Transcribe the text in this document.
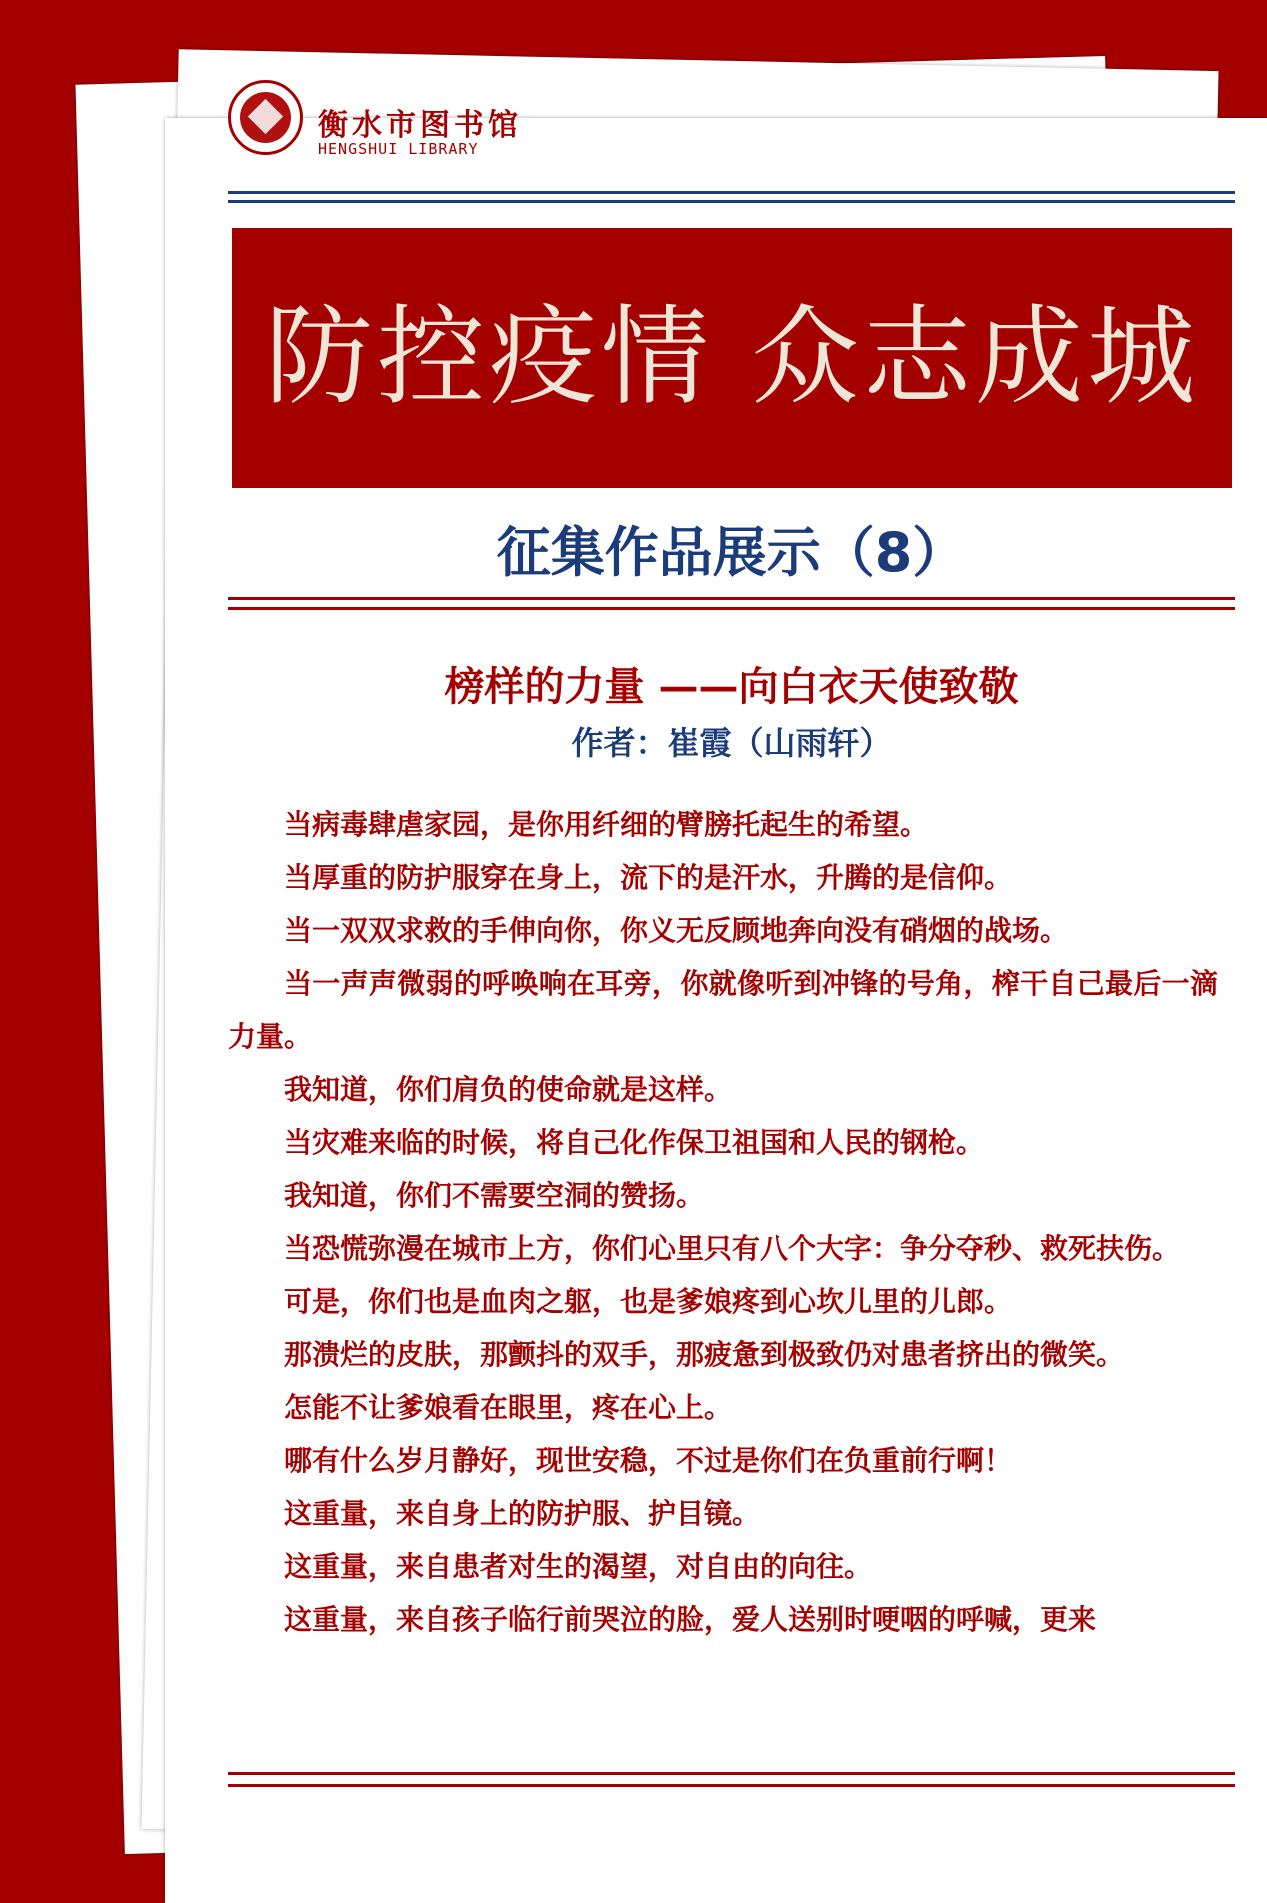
衡水市图书馆
HENGSHUI LIBRARY
防控疫情 众志成城
征集作品展示（8）
榜样的力量 ——向白衣天使致敬
作者：崔霞（山雨轩）
当病毒肆虐家园，是你用纤细的臂膀托起生的希望。
当厚重的防护服穿在身上，流下的是汗水，升腾的是信仰。
当一双双求救的手伸向你，你义无反顾地奔向没有硝烟的战场。
当一声声微弱的呼唤响在耳旁，你就像听到冲锋的号角，榨干自己最后一滴力量。
我知道，你们肩负的使命就是这样。
当灾难来临的时候，将自己化作保卫祖国和人民的钢枪。
我知道，你们不需要空洞的赞扬。
当恐慌弥漫在城市上方，你们心里只有八个大字：争分夺秒、救死扶伤。
可是，你们也是血肉之躯，也是爹娘疼到心坎儿里的儿郎。
那溃烂的皮肤，那颤抖的双手，那疲惫到极致仍对患者挤出的微笑。
怎能不让爹娘看在眼里，疼在心上。
哪有什么岁月静好，现世安稳，不过是你们在负重前行啊！
这重量，来自身上的防护服、护目镜。
这重量，来自患者对生的渴望，对自由的向往。
这重量，来自孩子临行前哭泣的脸，爱人送别时哽咽的呼喊，更来
